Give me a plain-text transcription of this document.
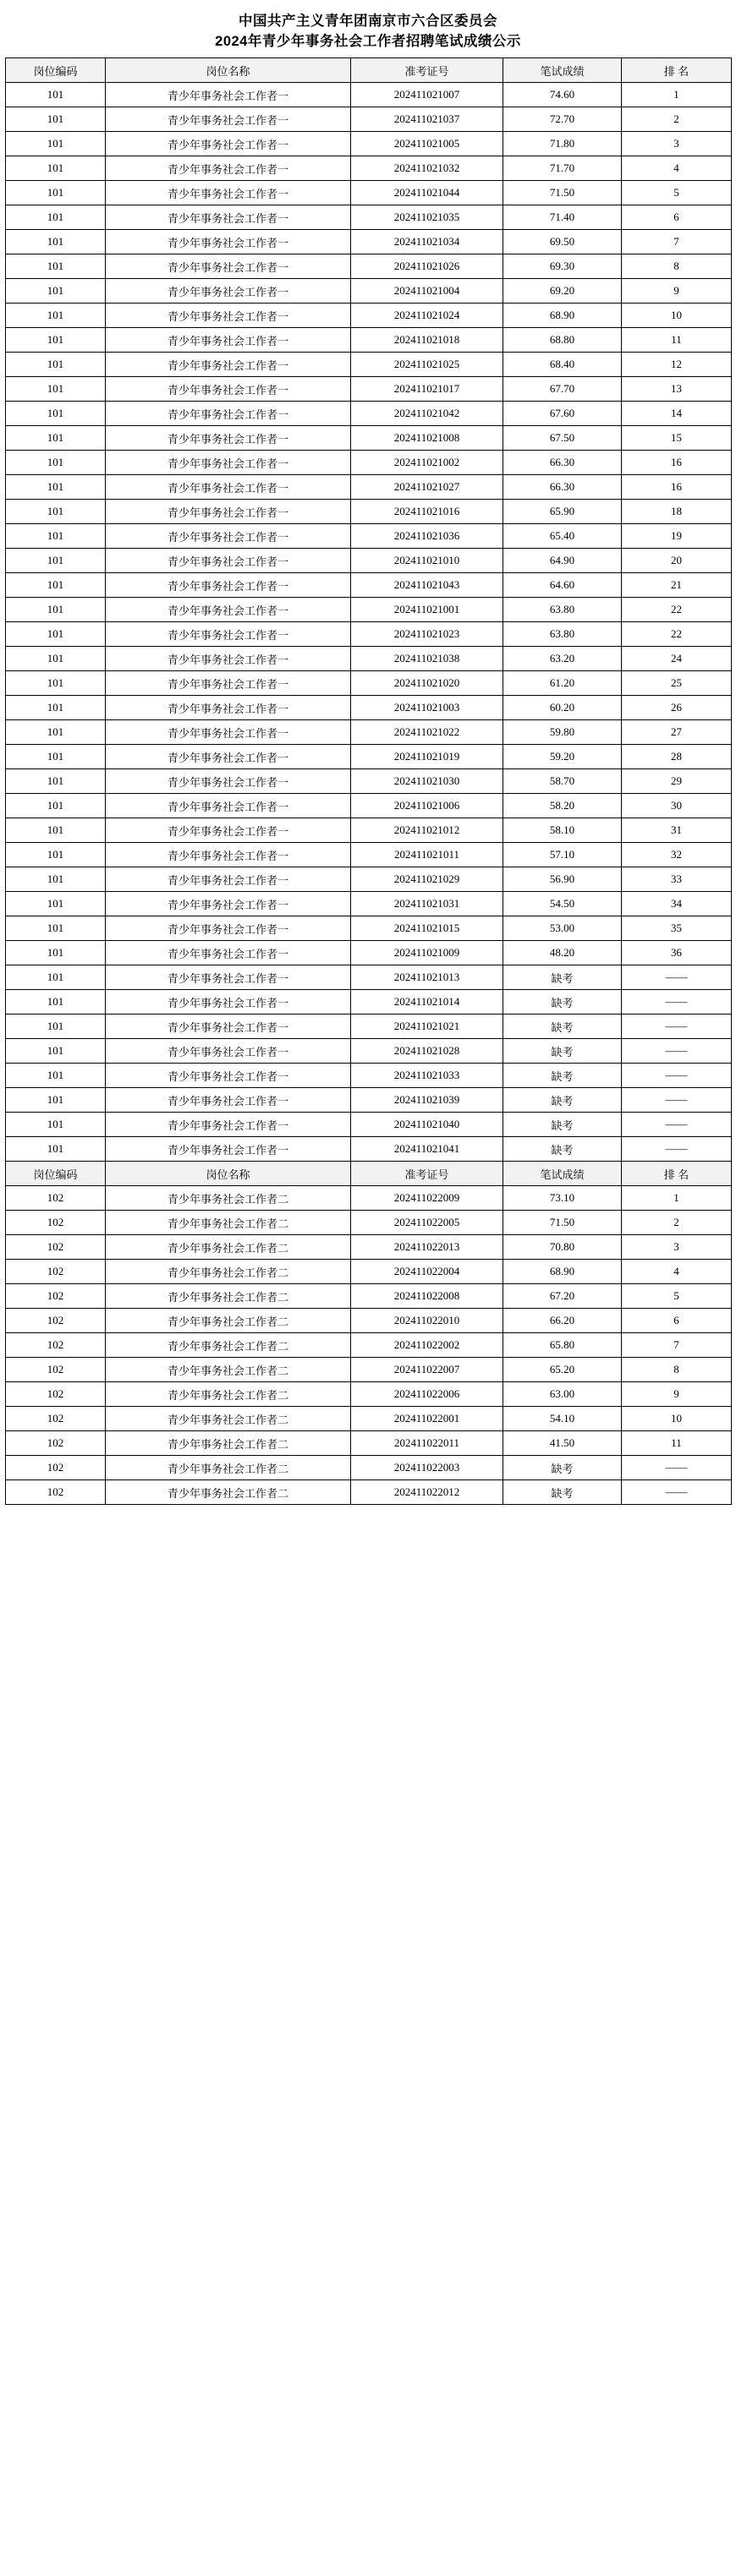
中国共产主义青年团南京市六合区委员会
2024年青少年事务社会工作者招聘笔试成绩公示
岗位编码	岗位名称	准考证号	笔试成绩	排 名
101	青少年事务社会工作者一	202411021007	74.60	1
101	青少年事务社会工作者一	202411021037	72.70	2
101	青少年事务社会工作者一	202411021005	71.80	3
101	青少年事务社会工作者一	202411021032	71.70	4
101	青少年事务社会工作者一	202411021044	71.50	5
101	青少年事务社会工作者一	202411021035	71.40	6
101	青少年事务社会工作者一	202411021034	69.50	7
101	青少年事务社会工作者一	202411021026	69.30	8
101	青少年事务社会工作者一	202411021004	69.20	9
101	青少年事务社会工作者一	202411021024	68.90	10
101	青少年事务社会工作者一	202411021018	68.80	11
101	青少年事务社会工作者一	202411021025	68.40	12
101	青少年事务社会工作者一	202411021017	67.70	13
101	青少年事务社会工作者一	202411021042	67.60	14
101	青少年事务社会工作者一	202411021008	67.50	15
101	青少年事务社会工作者一	202411021002	66.30	16
101	青少年事务社会工作者一	202411021027	66.30	16
101	青少年事务社会工作者一	202411021016	65.90	18
101	青少年事务社会工作者一	202411021036	65.40	19
101	青少年事务社会工作者一	202411021010	64.90	20
101	青少年事务社会工作者一	202411021043	64.60	21
101	青少年事务社会工作者一	202411021001	63.80	22
101	青少年事务社会工作者一	202411021023	63.80	22
101	青少年事务社会工作者一	202411021038	63.20	24
101	青少年事务社会工作者一	202411021020	61.20	25
101	青少年事务社会工作者一	202411021003	60.20	26
101	青少年事务社会工作者一	202411021022	59.80	27
101	青少年事务社会工作者一	202411021019	59.20	28
101	青少年事务社会工作者一	202411021030	58.70	29
101	青少年事务社会工作者一	202411021006	58.20	30
101	青少年事务社会工作者一	202411021012	58.10	31
101	青少年事务社会工作者一	202411021011	57.10	32
101	青少年事务社会工作者一	202411021029	56.90	33
101	青少年事务社会工作者一	202411021031	54.50	34
101	青少年事务社会工作者一	202411021015	53.00	35
101	青少年事务社会工作者一	202411021009	48.20	36
101	青少年事务社会工作者一	202411021013	缺考	——
101	青少年事务社会工作者一	202411021014	缺考	——
101	青少年事务社会工作者一	202411021021	缺考	——
101	青少年事务社会工作者一	202411021028	缺考	——
101	青少年事务社会工作者一	202411021033	缺考	——
101	青少年事务社会工作者一	202411021039	缺考	——
101	青少年事务社会工作者一	202411021040	缺考	——
101	青少年事务社会工作者一	202411021041	缺考	——
岗位编码	岗位名称	准考证号	笔试成绩	排 名
102	青少年事务社会工作者二	202411022009	73.10	1
102	青少年事务社会工作者二	202411022005	71.50	2
102	青少年事务社会工作者二	202411022013	70.80	3
102	青少年事务社会工作者二	202411022004	68.90	4
102	青少年事务社会工作者二	202411022008	67.20	5
102	青少年事务社会工作者二	202411022010	66.20	6
102	青少年事务社会工作者二	202411022002	65.80	7
102	青少年事务社会工作者二	202411022007	65.20	8
102	青少年事务社会工作者二	202411022006	63.00	9
102	青少年事务社会工作者二	202411022001	54.10	10
102	青少年事务社会工作者二	202411022011	41.50	11
102	青少年事务社会工作者二	202411022003	缺考	——
102	青少年事务社会工作者二	202411022012	缺考	——
